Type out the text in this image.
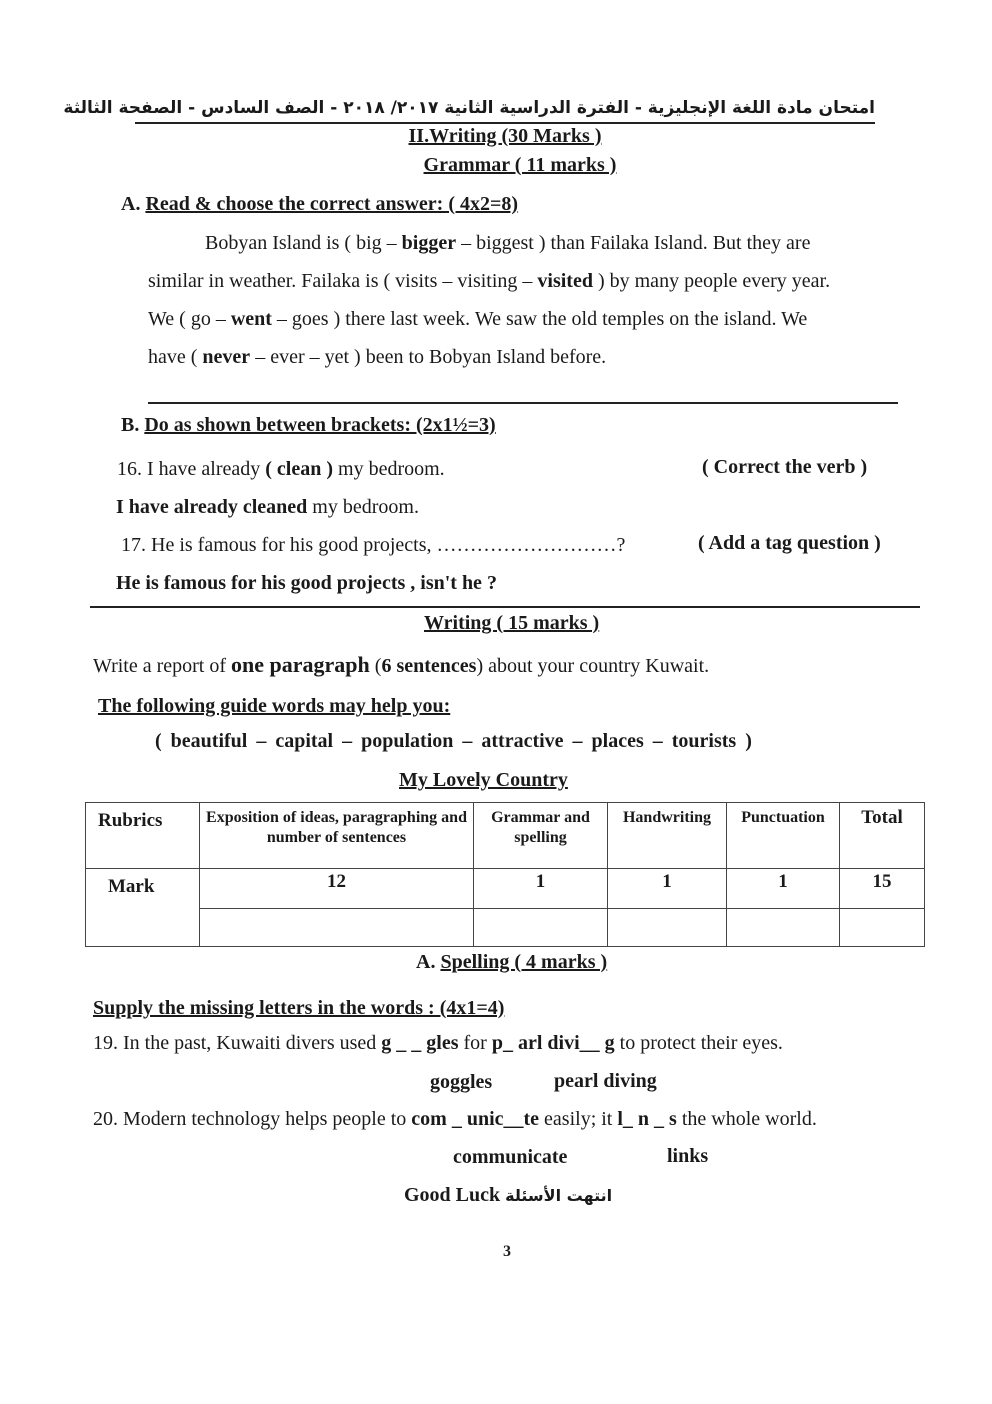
امتحان مادة اللغة الإنجليزية - الفترة الدراسية الثانية ٢٠١٧/ ٢٠١٨ - الصف السادس - الصفحة الثالثة
II.Writing (30 Marks )
Grammar ( 11 marks )
A. Read & choose the correct answer: ( 4x2=8)
Bobyan Island is ( big – bigger – biggest ) than Failaka Island. But they are
similar in weather. Failaka is ( visits – visiting – visited ) by many people every year.
We ( go – went – goes ) there last week. We saw the old temples on the island. We
have ( never – ever – yet ) been to Bobyan Island before.
B. Do as shown between brackets: (2x1½=3)
16. I have already ( clean ) my bedroom.	( Correct the verb )
I have already cleaned my bedroom.
17. He is famous for his good projects, ………………………?	( Add a tag question )
He is famous for his good projects , isn't he ?
Writing ( 15 marks )
Write a report of one paragraph (6 sentences) about your country Kuwait.
The following guide words may help you:
( beautiful – capital – population – attractive – places – tourists )
My Lovely Country
Rubrics	Exposition of ideas, paragraphing and number of sentences	Grammar and spelling	Handwriting	Punctuation	Total
Mark	12	1	1	1	15

A. Spelling ( 4 marks )
Supply the missing letters in the words : (4x1=4)
19. In the past, Kuwaiti divers used g _ _ gles for p_ arl divi__ g to protect their eyes.
goggles	pearl diving
20. Modern technology helps people to com _ unic__te easily; it l_ n _ s the whole world.
communicate	links
Good Luck انتهت الأسئلة
3
